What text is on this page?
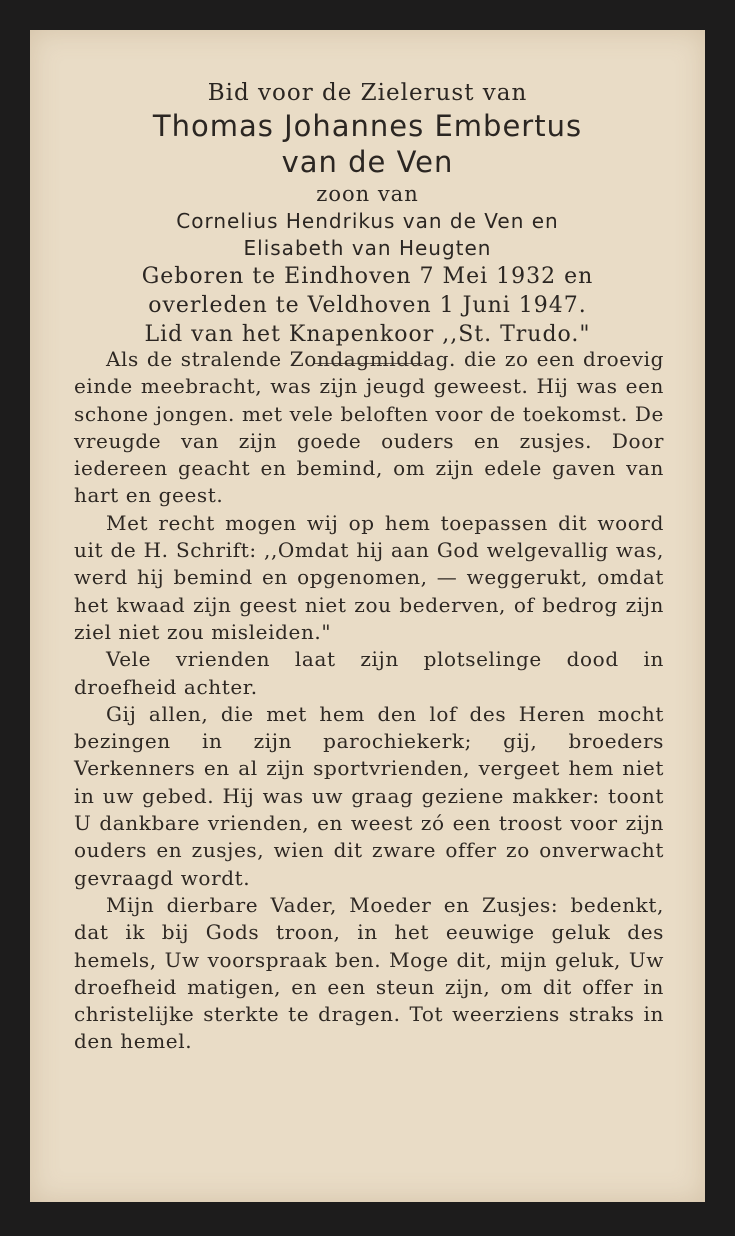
Bid voor de Zielerust van

Thomas Johannes Embertus

van de Ven

zoon van

Cornelius Hendrikus van de Ven en

Elisabeth van Heugten

Geboren te Eindhoven 7 Mei 1932 en

overleden te Veldhoven 1 Juni 1947.

Lid van het Knapenkoor ,,St. Trudo."

Als de stralende Zondagmiddag. die zo een droevig einde meebracht, was zijn jeugd geweest. Hij was een schone jongen. met vele beloften voor de toekomst. De vreugde van zijn goede ouders en zusjes. Door iedereen geacht en bemind, om zijn edele gaven van hart en geest.

Met recht mogen wij op hem toepassen dit woord uit de H. Schrift: ,,Omdat hij aan God welgevallig was, werd hij bemind en opgenomen, — weggerukt, omdat het kwaad zijn geest niet zou bederven, of bedrog zijn ziel niet zou misleiden."

Vele vrienden laat zijn plotselinge dood in droefheid achter.

Gij allen, die met hem den lof des Heren mocht bezingen in zijn parochiekerk; gij, broeders Verkenners en al zijn sportvrienden, vergeet hem niet in uw gebed. Hij was uw graag geziene makker: toont U dankbare vrienden, en weest zó een troost voor zijn ouders en zusjes, wien dit zware offer zo onverwacht gevraagd wordt.

Mijn dierbare Vader, Moeder en Zusjes: bedenkt, dat ik bij Gods troon, in het eeuwige geluk des hemels, Uw voorspraak ben. Moge dit, mijn geluk, Uw droefheid matigen, en een steun zijn, om dit offer in christelijke sterkte te dragen. Tot weerziens straks in den hemel.
